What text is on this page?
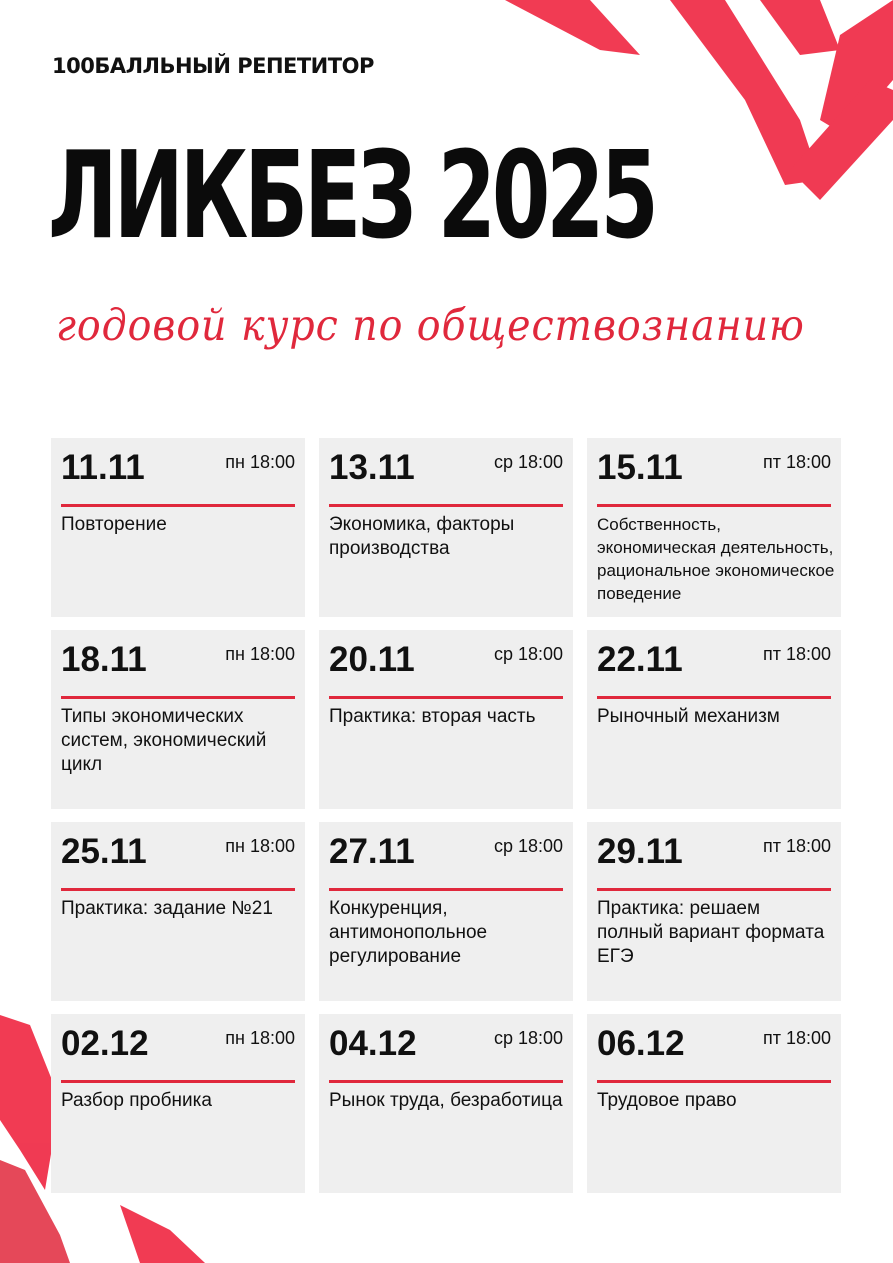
100БАЛЛЬНЫЙ РЕПЕТИТОР
ЛИКБЕЗ 2025
годовой курс по обществознанию
11.11	пн 18:00
Повторение
13.11	ср 18:00
Экономика, факторы производства
15.11	пт 18:00
Собственность, экономическая деятельность, рациональное экономическое поведение
18.11	пн 18:00
Типы экономических систем, экономический цикл
20.11	ср 18:00
Практика: вторая часть
22.11	пт 18:00
Рыночный механизм
25.11	пн 18:00
Практика: задание №21
27.11	ср 18:00
Конкуренция, антимонопольное регулирование
29.11	пт 18:00
Практика: решаем полный вариант формата ЕГЭ
02.12	пн 18:00
Разбор пробника
04.12	ср 18:00
Рынок труда, безработица
06.12	пт 18:00
Трудовое право
